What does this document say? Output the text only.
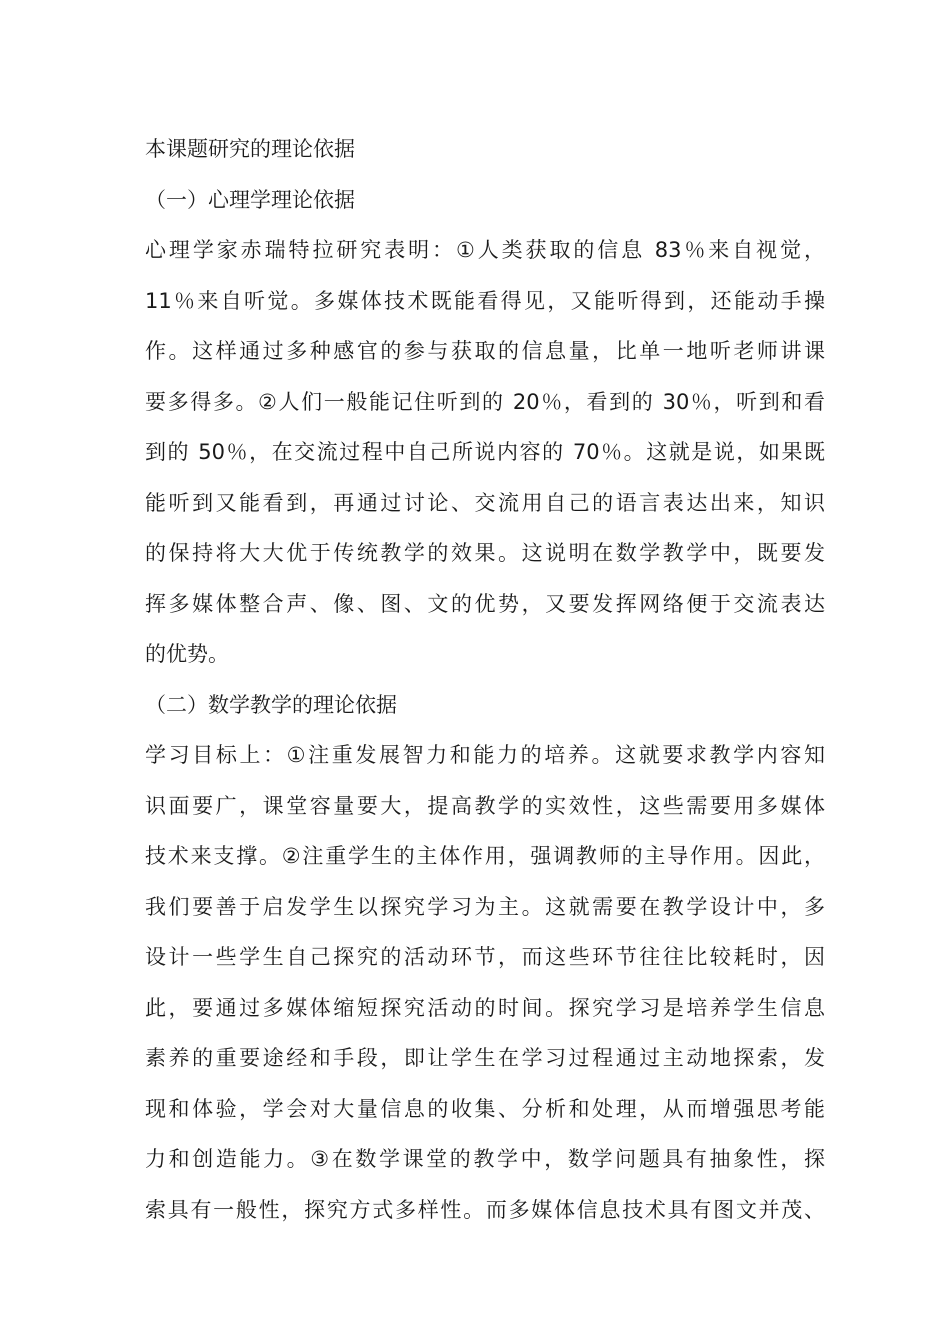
本课题研究的理论依据
（一）心理学理论依据
心理学家赤瑞特拉研究表明：①人类获取的信息 83％来自视觉，
11％来自听觉。多媒体技术既能看得见，又能听得到，还能动手操
作。这样通过多种感官的参与获取的信息量，比单一地听老师讲课
要多得多。②人们一般能记住听到的 20％，看到的 30％，听到和看
到的 50％，在交流过程中自己所说内容的 70％。这就是说，如果既
能听到又能看到，再通过讨论、交流用自己的语言表达出来，知识
的保持将大大优于传统教学的效果。这说明在数学教学中，既要发
挥多媒体整合声、像、图、文的优势，又要发挥网络便于交流表达
的优势。
（二）数学教学的理论依据
学习目标上：①注重发展智力和能力的培养。这就要求教学内容知
识面要广，课堂容量要大，提高教学的实效性，这些需要用多媒体
技术来支撑。②注重学生的主体作用，强调教师的主导作用。因此，
我们要善于启发学生以探究学习为主。这就需要在教学设计中，多
设计一些学生自己探究的活动环节，而这些环节往往比较耗时，因
此，要通过多媒体缩短探究活动的时间。探究学习是培养学生信息
素养的重要途经和手段，即让学生在学习过程通过主动地探索，发
现和体验，学会对大量信息的收集、分析和处理，从而增强思考能
力和创造能力。③在数学课堂的教学中，数学问题具有抽象性，探
索具有一般性，探究方式多样性。而多媒体信息技术具有图文并茂、
